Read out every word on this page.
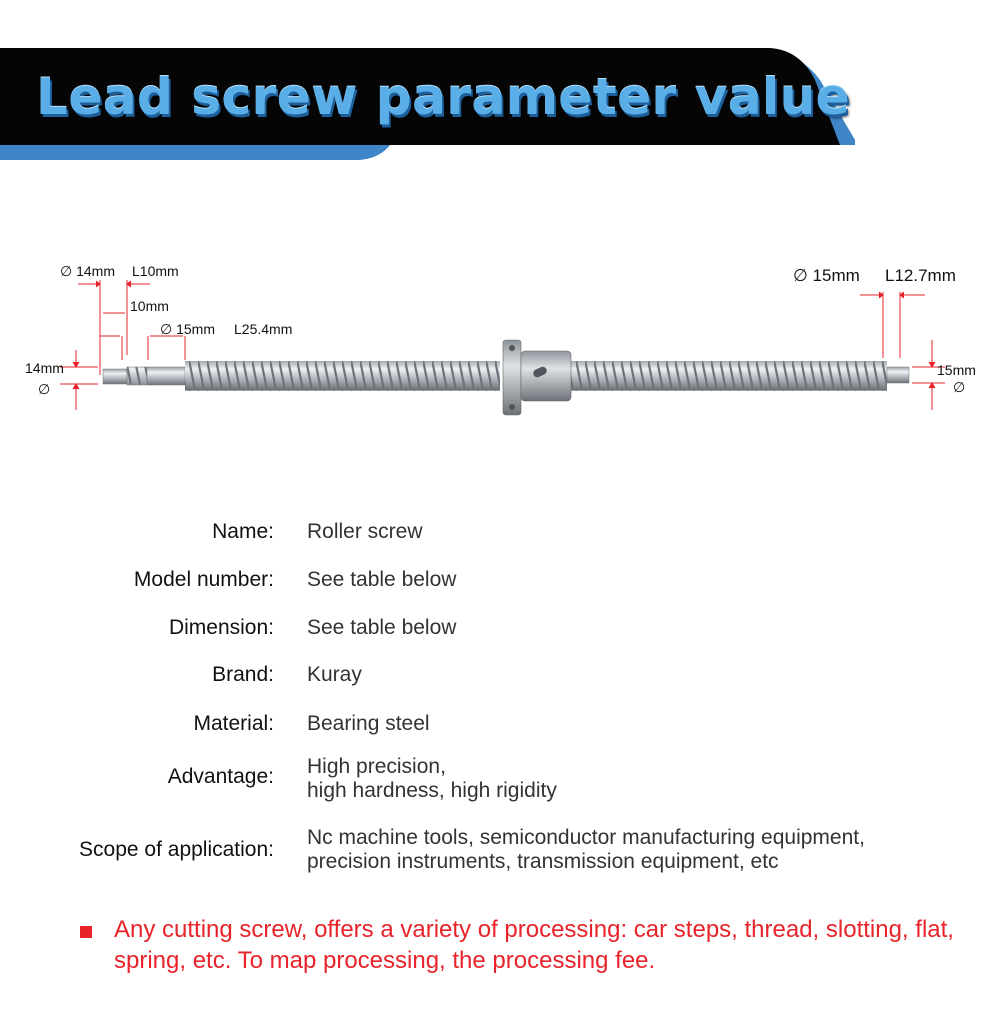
Lead screw parameter value
∅ 14mm L10mm
10mm
∅ 15mm L25.4mm
14mm
∅
∅ 15mm L12.7mm
15mm
∅
Name: Roller screw
Model number: See table below
Dimension: See table below
Brand: Kuray
Material: Bearing steel
Advantage: High precision,
high hardness, high rigidity
Scope of application:
Nc machine tools, semiconductor manufacturing equipment,
precision instruments, transmission equipment, etc
Any cutting screw, offers a variety of processing: car steps, thread, slotting, flat, spring, etc. To map processing, the processing fee.
